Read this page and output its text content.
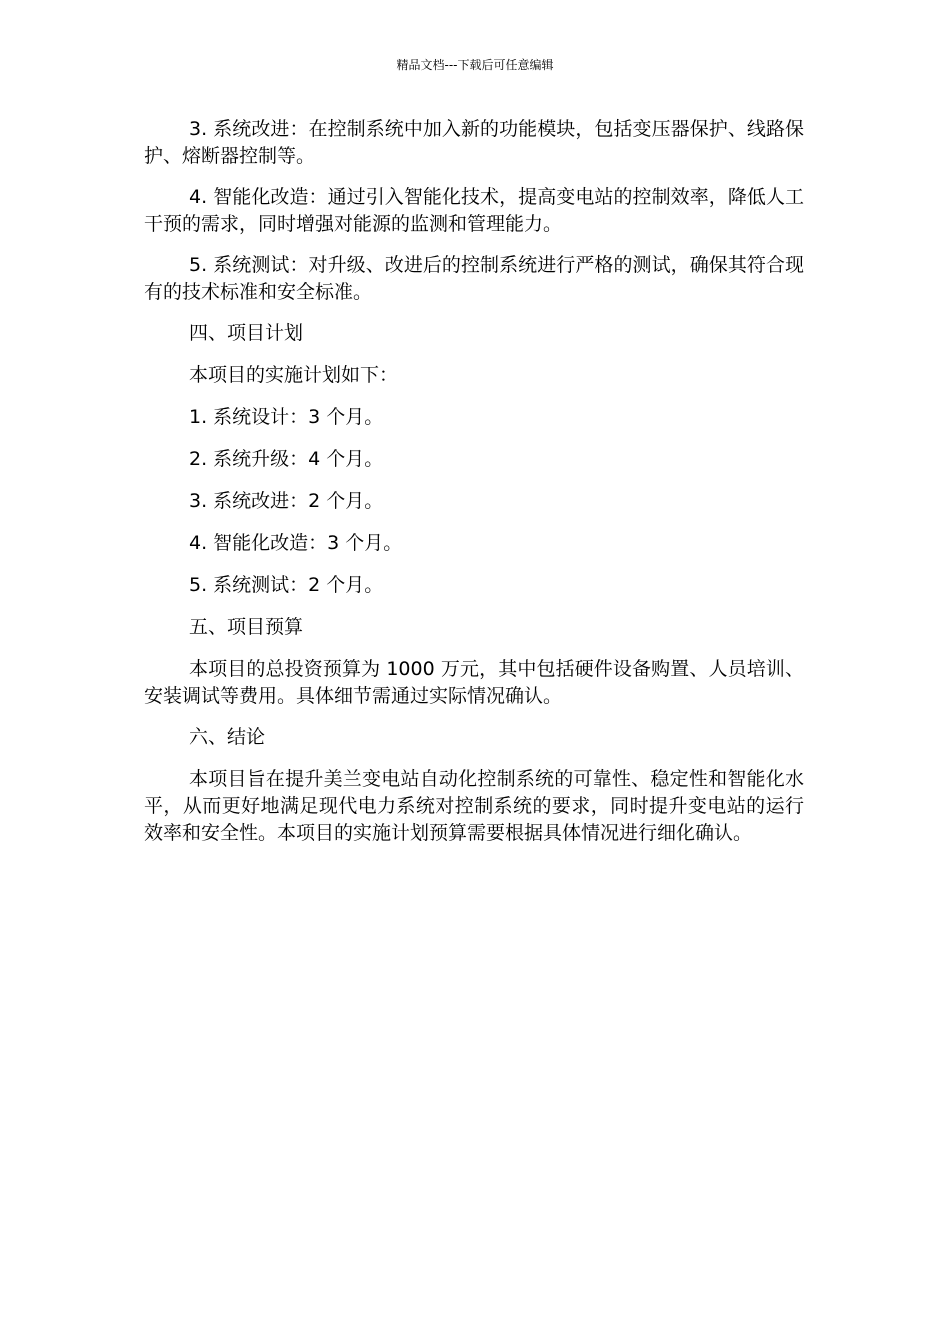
精品文档---下载后可任意编辑

3. 系统改进：在控制系统中加入新的功能模块，包括变压器保护、线路保护、熔断器控制等。

4. 智能化改造：通过引入智能化技术，提高变电站的控制效率，降低人工干预的需求，同时增强对能源的监测和管理能力。

5. 系统测试：对升级、改进后的控制系统进行严格的测试，确保其符合现有的技术标准和安全标准。

四、项目计划

本项目的实施计划如下：

1. 系统设计：3 个月。

2. 系统升级：4 个月。

3. 系统改进：2 个月。

4. 智能化改造：3 个月。

5. 系统测试：2 个月。

五、项目预算

本项目的总投资预算为 1000 万元，其中包括硬件设备购置、人员培训、安装调试等费用。具体细节需通过实际情况确认。

六、结论

本项目旨在提升美兰变电站自动化控制系统的可靠性、稳定性和智能化水平，从而更好地满足现代电力系统对控制系统的要求，同时提升变电站的运行效率和安全性。本项目的实施计划预算需要根据具体情况进行细化确认。
